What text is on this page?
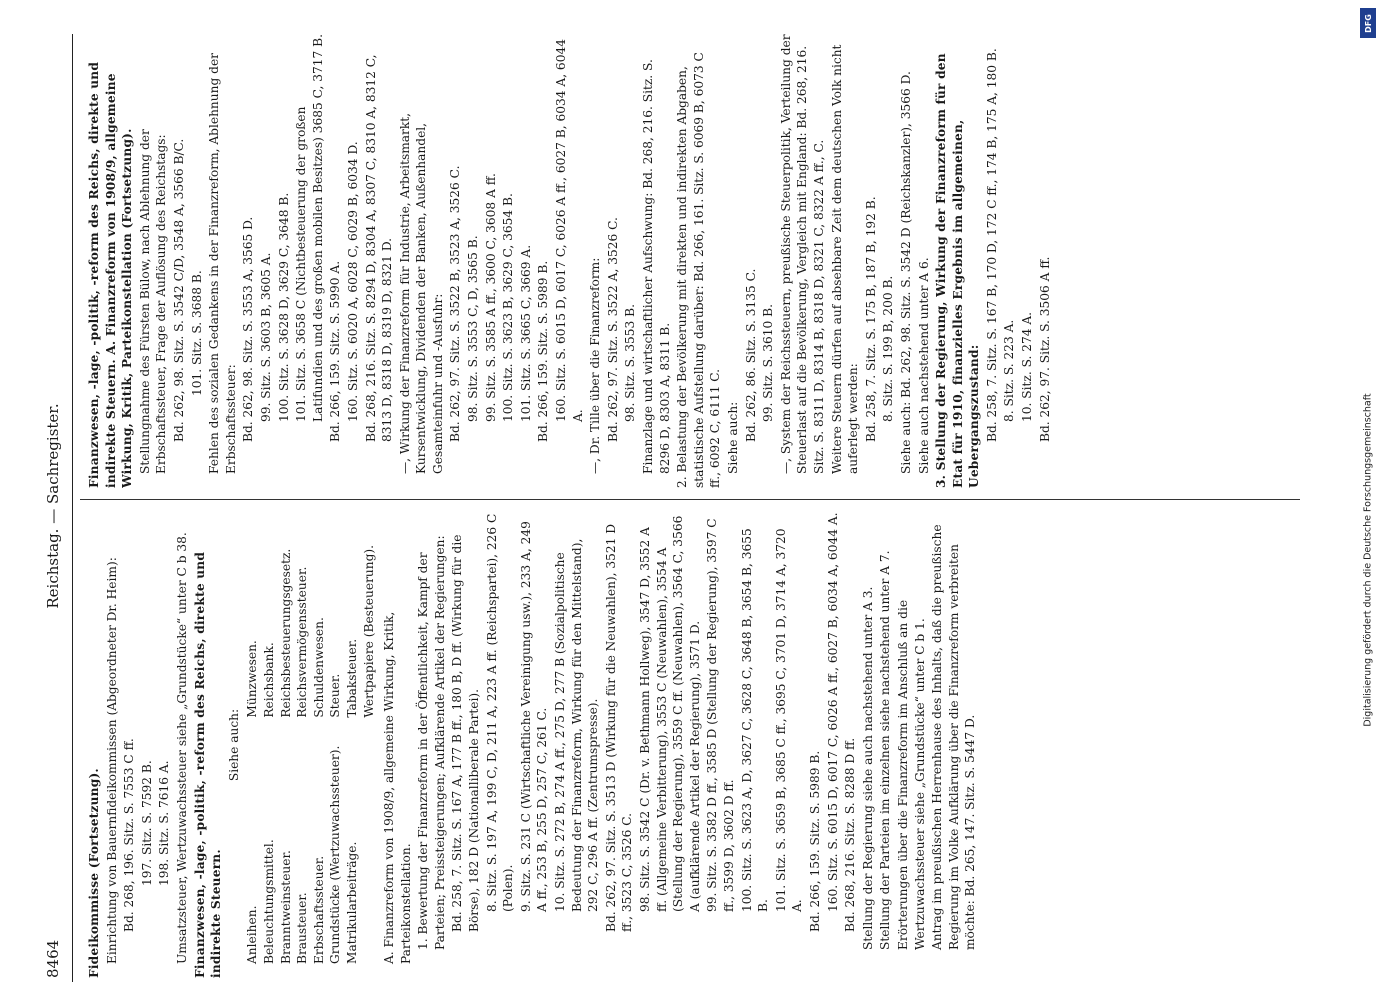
8464
Reichstag. — Sachregister.

Fideikommisse (Fortsetzung). Einrichtung von Bauernfideikommissen (Abgeordneter Dr. Heim): Bd. 268, 196. Sitz. S. 7553 C ff. 197. Sitz. S. 7592 B. 198. Sitz. S. 7616 A. Umsatzsteuer, Wertzuwachssteuer siehe „Grundstücke“ unter C b 38. Finanzwesen, -lage, -politik, -reform des Reichs, direkte und indirekte Steuern.

Siehe auch:

Anleihen. Beleuchtungsmittel. Branntweinsteuer. Brausteuer. Erbschaftssteuer. Grundstücke (Wertzuwachssteuer). Matrikularbeiträge.
Münzwesen. Reichsbank. Reichsbesteuerungsgesetz. Reichsvermögenssteuer. Schuldenwesen. Steuer. Tabaksteuer. Wertpapiere (Besteuerung). A. Finanzreform von 1908/9, allgemeine Wirkung, Kritik, Parteikonstellation. 1. Bewertung der Finanzreform in der Öffentlichkeit, Kampf der Parteien; Preissteigerungen; Aufklärende Artikel der Regierungen: Bd. 258, 7. Sitz. S. 167 A, 177 B ff., 180 B, D ff. (Wirkung für die Börse), 182 D (Nationalliberale Partei). 8. Sitz. S. 197 A, 199 C, D, 211 A, 223 A ff. (Reichspartei), 226 C (Polen). 9. Sitz. S. 231 C (Wirtschaftliche Vereinigung usw.), 233 A, 249 A ff., 253 B, 255 D, 257 C, 261 C. 10. Sitz. S. 272 B, 274 A ff., 275 D, 277 B (Sozialpolitische Bedeutung der Finanzreform, Wirkung für den Mittelstand), 292 C, 296 A ff. (Zentrumspresse). Bd. 262, 97. Sitz. S. 3513 D (Wirkung für die Neuwahlen), 3521 D ff., 3523 C, 3526 C. 98. Sitz. S. 3542 C (Dr. v. Bethmann Hollweg), 3547 D, 3552 A ff. (Allgemeine Verbitterung), 3553 C (Neuwahlen), 3554 A (Stellung der Regierung), 3559 C ff. (Neuwahlen), 3564 C, 3566 A (aufklärende Artikel der Regierung), 3571 D. 99. Sitz. S. 3582 D ff., 3585 D (Stellung der Regierung), 3597 C ff., 3599 D, 3602 D ff. 100. Sitz. S. 3623 A, D, 3627 C, 3628 C, 3648 B, 3654 B, 3655 B. 101. Sitz. S. 3659 B, 3685 C ff., 3695 C, 3701 D, 3714 A, 3720 A. Bd. 266, 159. Sitz. S. 5989 B. 160. Sitz. S. 6015 D, 6017 C, 6026 A ff., 6027 B, 6034 A, 6044 A. Bd. 268, 216. Sitz. S. 8288 D ff. Stellung der Regierung siehe auch nachstehend unter A 3. Stellung der Parteien im einzelnen siehe nachstehend unter A 7. Erörterungen über die Finanzreform im Anschluß an die Wertzuwachssteuer siehe „Grundstücke“ unter C b 1. Antrag im preußischen Herrenhause des Inhalts, daß die preußische Regierung im Volke Aufklärung über die Finanzreform verbreiten möchte: Bd. 265, 147. Sitz. S. 5447 D.

Finanzwesen, -lage, -politik, -reform des Reichs, direkte und indirekte Steuern. A. Finanzreform von 1908/9, allgemeine Wirkung, Kritik, Parteikonstellation (Fortsetzung). Stellungnahme des Fürsten Bülow, nach Ablehnung der Erbschaftssteuer, Frage der Auflösung des Reichstags: Bd. 262, 98. Sitz. S. 3542 C/D, 3548 A, 3566 B/C. 101. Sitz. S. 3688 B. Fehlen des sozialen Gedankens in der Finanzreform, Ablehnung der Erbschaftssteuer: Bd. 262, 98. Sitz. S. 3553 A, 3565 D. 99. Sitz. S. 3603 B, 3605 A. 100. Sitz. S. 3628 D, 3629 C, 3648 B. 101. Sitz. S. 3658 C (Nichtbesteuerung der großen Latifundien und des großen mobilen Besitzes) 3685 C, 3717 B. Bd. 266, 159. Sitz. S. 5990 A. 160. Sitz. S. 6020 A, 6028 C, 6029 B, 6034 D. Bd. 268, 216. Sitz. S. 8294 D, 8304 A, 8307 C, 8310 A, 8312 C, 8313 D, 8318 D, 8319 D, 8321 D. —, Wirkung der Finanzreform für Industrie, Arbeitsmarkt, Kursentwicklung, Dividenden der Banken, Außenhandel, Gesamteinfuhr und -Ausfuhr: Bd. 262, 97. Sitz. S. 3522 B, 3523 A, 3526 C. 98. Sitz. S. 3553 C, D, 3565 B. 99. Sitz. S. 3585 A ff., 3600 C, 3608 A ff. 100. Sitz. S. 3623 B, 3629 C, 3654 B. 101. Sitz. S. 3665 C, 3669 A. Bd. 266, 159. Sitz. S. 5989 B. 160. Sitz. S. 6015 D, 6017 C, 6026 A ff., 6027 B, 6034 A, 6044 A. —, Dr. Tille über die Finanzreform: Bd. 262, 97. Sitz. S. 3522 A, 3526 C. 98. Sitz. S. 3553 B. Finanzlage und wirtschaftlicher Aufschwung: Bd. 268, 216. Sitz. S. 8296 D, 8303 A, 8311 B. 2. Belastung der Bevölkerung mit direkten und indirekten Abgaben, statistische Aufstellung darüber: Bd. 266, 161. Sitz. S. 6069 B, 6073 C ff., 6092 C, 6111 C. Siehe auch: Bd. 262, 86. Sitz. S. 3135 C. 99. Sitz. S. 3610 B. —, System der Reichssteuern, preußische Steuerpolitik, Verteilung der Steuerlast auf die Bevölkerung, Vergleich mit England: Bd. 268, 216. Sitz. S. 8311 D, 8314 B, 8318 D, 8321 C, 8322 A ff., C. Weitere Steuern dürfen auf absehbare Zeit dem deutschen Volk nicht auferlegt werden: Bd. 258, 7. Sitz. S. 175 B, 187 B, 192 B. 8. Sitz. S. 199 B, 200 B. Siehe auch: Bd. 262, 98. Sitz. S. 3542 D (Reichskanzler), 3566 D. Siehe auch nachstehend unter A 6. 3. Stellung der Regierung, Wirkung der Finanzreform für den Etat für 1910, finanzielles Ergebnis im allgemeinen, Uebergangszustand: Bd. 258, 7. Sitz. S. 167 B, 170 D, 172 C ff., 174 B, 175 A, 180 B. 8. Sitz. S. 223 A. 10. Sitz. S. 274 A. Bd. 262, 97. Sitz. S. 3506 A ff.

DFG
Digitalisierung gefördert durch die Deutsche Forschungsgemeinschaft
